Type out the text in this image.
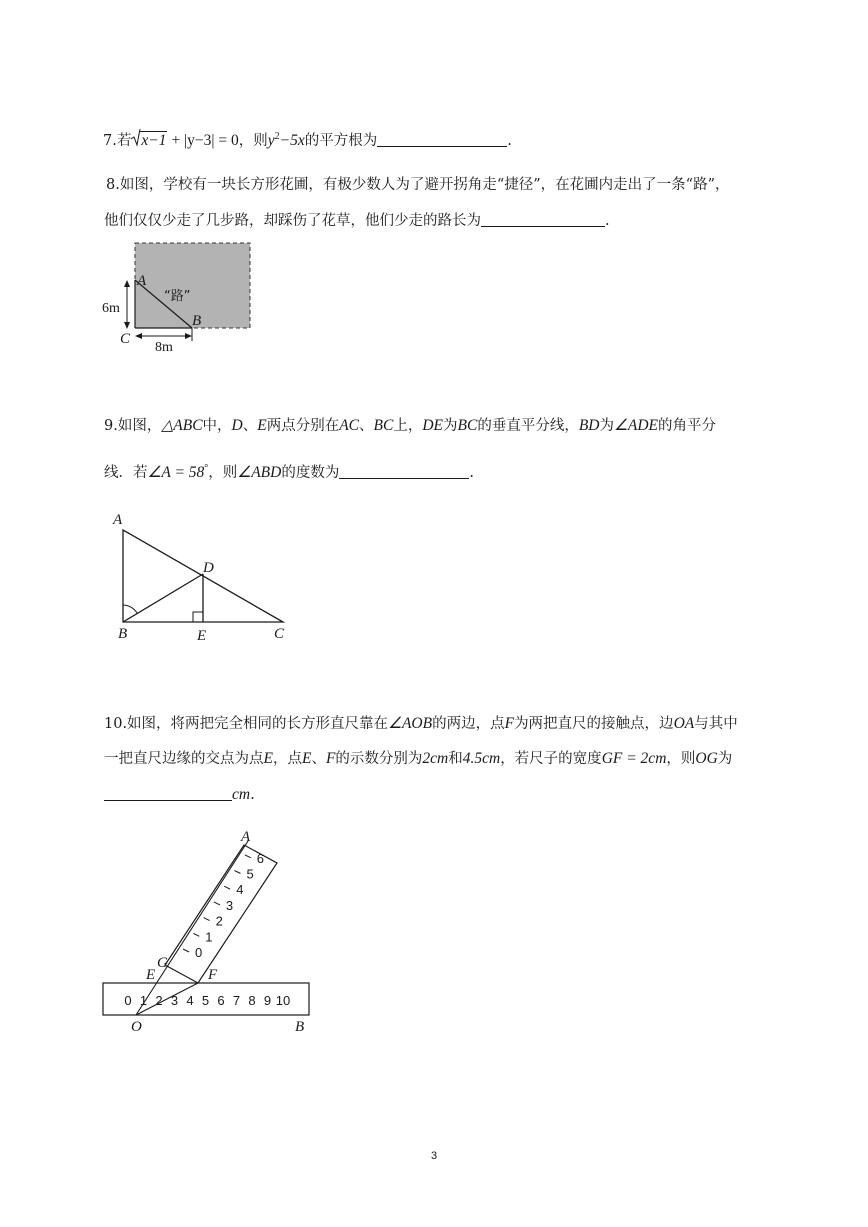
7.若 x−1 + |y−3| = 0，则$y^2-5x$的平方根为	.
8.如图，学校有一块长方形花圃，有极少数人为了避开拐角走“捷径”，在花圃内走出了一条“路”，
他们仅仅少走了几步路，却踩伤了花草，他们少走的路长为	.
A
B
C
“路”
6m
8m
9.如图，△ABC中，D、E两点分别在AC、BC上，DE为BC的垂直平分线，BD为∠ADE的角平分
线．若∠A = 58°，则∠ABD的度数为	.
A
B	C
D
E
10.如图，将两把完全相同的长方形直尺靠在∠AOB的两边，点F为两把直尺的接触点，边OA与其中
一把直尺边缘的交点为点E，点E、F的示数分别为2cm和4.5cm，若尺子的宽度GF = 2cm，则OG为
cm.
0 1 2 3 4 5 6 7 8 9 10
0
1
2
3
4
5
6
A
B
O
E	F
G
3
